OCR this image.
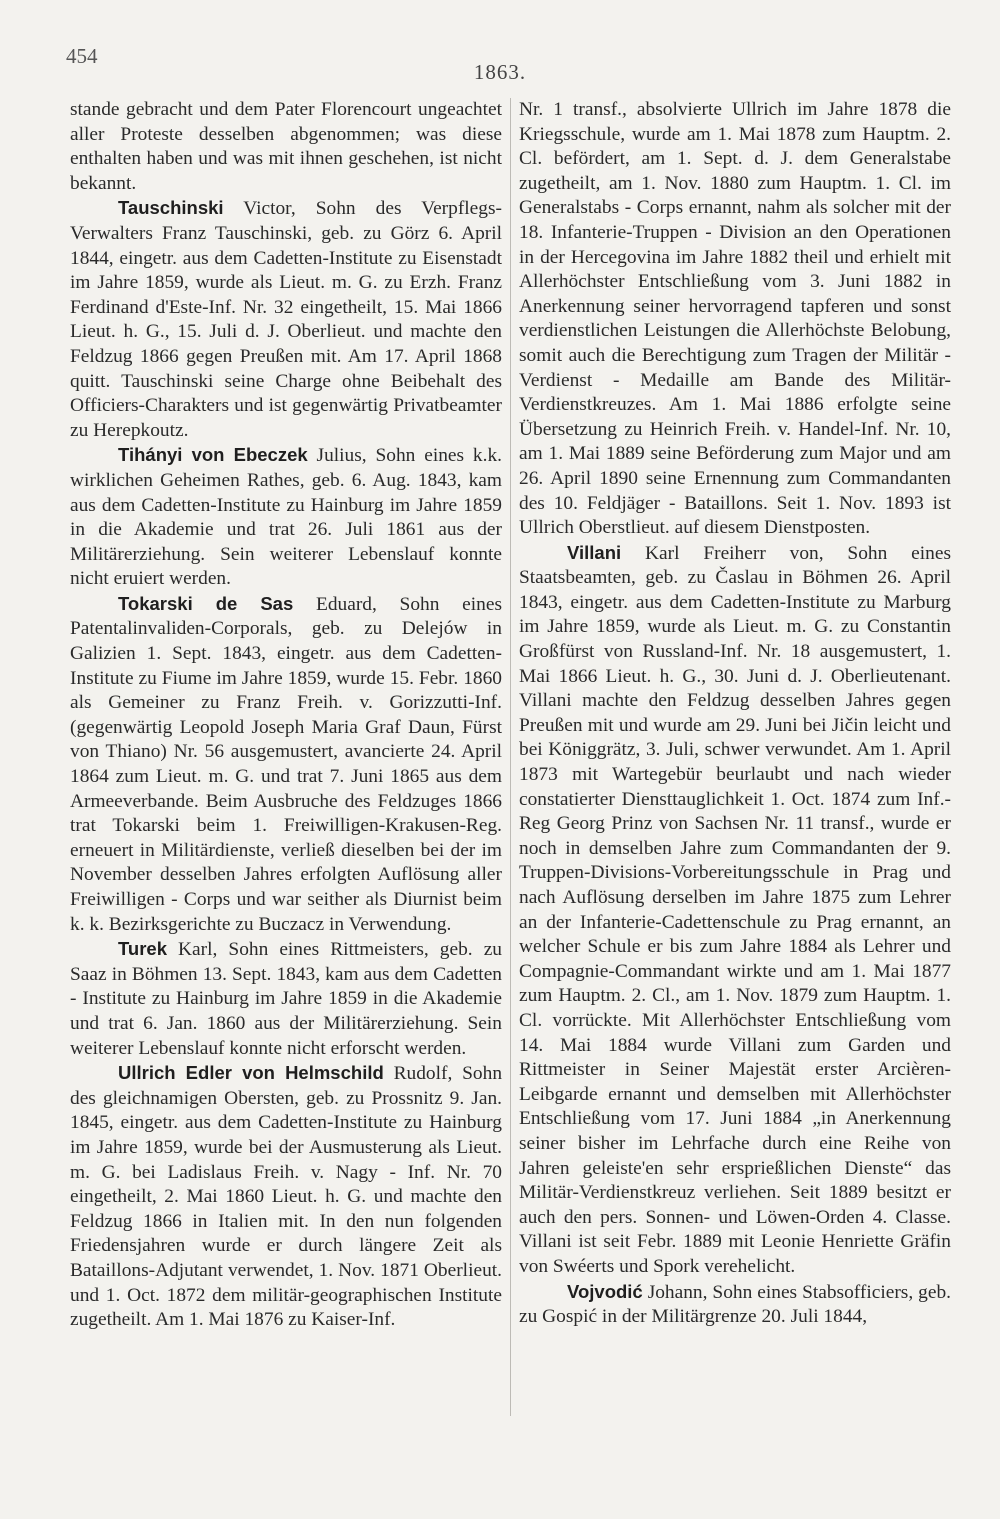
454
1863.

stande gebracht und dem Pater Florencourt ungeachtet aller Proteste desselben abgenommen; was diese enthalten haben und was mit ihnen geschehen, ist nicht bekannt.

Tauschinski Victor, Sohn des Verpflegs-Verwalters Franz Tauschinski, geb. zu Görz 6. April 1844, eingetr. aus dem Cadetten-Institute zu Eisenstadt im Jahre 1859, wurde als Lieut. m. G. zu Erzh. Franz Ferdinand d'Este-Inf. Nr. 32 eingetheilt, 15. Mai 1866 Lieut. h. G., 15. Juli d. J. Oberlieut. und machte den Feldzug 1866 gegen Preußen mit. Am 17. April 1868 quitt. Tauschinski seine Charge ohne Beibehalt des Officiers-Charakters und ist gegenwärtig Privatbeamter zu Herepkoutz.

Tihányi von Ebeczek Julius, Sohn eines k.k. wirklichen Geheimen Rathes, geb. 6. Aug. 1843, kam aus dem Cadetten-Institute zu Hainburg im Jahre 1859 in die Akademie und trat 26. Juli 1861 aus der Militärerziehung. Sein weiterer Lebenslauf konnte nicht eruiert werden.

Tokarski de Sas Eduard, Sohn eines Patentalinvaliden-Corporals, geb. zu Delejów in Galizien 1. Sept. 1843, eingetr. aus dem Cadetten-Institute zu Fiume im Jahre 1859, wurde 15. Febr. 1860 als Gemeiner zu Franz Freih. v. Gorizzutti-Inf. (gegenwärtig Leopold Joseph Maria Graf Daun, Fürst von Thiano) Nr. 56 ausgemustert, avancierte 24. April 1864 zum Lieut. m. G. und trat 7. Juni 1865 aus dem Armeeverbande. Beim Ausbruche des Feldzuges 1866 trat Tokarski beim 1. Freiwilligen-Krakusen-Reg. erneuert in Militärdienste, verließ dieselben bei der im November desselben Jahres erfolgten Auflösung aller Freiwilligen - Corps und war seither als Diurnist beim k. k. Bezirksgerichte zu Buczacz in Verwendung.

Turek Karl, Sohn eines Rittmeisters, geb. zu Saaz in Böhmen 13. Sept. 1843, kam aus dem Cadetten - Institute zu Hainburg im Jahre 1859 in die Akademie und trat 6. Jan. 1860 aus der Militärerziehung. Sein weiterer Lebenslauf konnte nicht erforscht werden.

Ullrich Edler von Helmschild Rudolf, Sohn des gleichnamigen Obersten, geb. zu Prossnitz 9. Jan. 1845, eingetr. aus dem Cadetten-Institute zu Hainburg im Jahre 1859, wurde bei der Ausmusterung als Lieut. m. G. bei Ladislaus Freih. v. Nagy - Inf. Nr. 70 eingetheilt, 2. Mai 1860 Lieut. h. G. und machte den Feldzug 1866 in Italien mit. In den nun folgenden Friedensjahren wurde er durch längere Zeit als Bataillons-Adjutant verwendet, 1. Nov. 1871 Oberlieut. und 1. Oct. 1872 dem militär-geographischen Institute zugetheilt. Am 1. Mai 1876 zu Kaiser-Inf.

Nr. 1 transf., absolvierte Ullrich im Jahre 1878 die Kriegsschule, wurde am 1. Mai 1878 zum Hauptm. 2. Cl. befördert, am 1. Sept. d. J. dem Generalstabe zugetheilt, am 1. Nov. 1880 zum Hauptm. 1. Cl. im Generalstabs - Corps ernannt, nahm als solcher mit der 18. Infanterie-Truppen - Division an den Operationen in der Hercegovina im Jahre 1882 theil und erhielt mit Allerhöchster Entschließung vom 3. Juni 1882 in Anerkennung seiner hervorragend tapferen und sonst verdienstlichen Leistungen die Allerhöchste Belobung, somit auch die Berechtigung zum Tragen der Militär - Verdienst - Medaille am Bande des Militär-Verdienstkreuzes. Am 1. Mai 1886 erfolgte seine Übersetzung zu Heinrich Freih. v. Handel-Inf. Nr. 10, am 1. Mai 1889 seine Beförderung zum Major und am 26. April 1890 seine Ernennung zum Commandanten des 10. Feldjäger - Bataillons. Seit 1. Nov. 1893 ist Ullrich Oberstlieut. auf diesem Dienstposten.

Villani Karl Freiherr von, Sohn eines Staatsbeamten, geb. zu Časlau in Böhmen 26. April 1843, eingetr. aus dem Cadetten-Institute zu Marburg im Jahre 1859, wurde als Lieut. m. G. zu Constantin Großfürst von Russland-Inf. Nr. 18 ausgemustert, 1. Mai 1866 Lieut. h. G., 30. Juni d. J. Oberlieutenant. Villani machte den Feldzug desselben Jahres gegen Preußen mit und wurde am 29. Juni bei Jičin leicht und bei Königgrätz, 3. Juli, schwer verwundet. Am 1. April 1873 mit Wartegebür beurlaubt und nach wieder constatierter Diensttauglichkeit 1. Oct. 1874 zum Inf.-Reg Georg Prinz von Sachsen Nr. 11 transf., wurde er noch in demselben Jahre zum Commandanten der 9. Truppen-Divisions-Vorbereitungsschule in Prag und nach Auflösung derselben im Jahre 1875 zum Lehrer an der Infanterie-Cadettenschule zu Prag ernannt, an welcher Schule er bis zum Jahre 1884 als Lehrer und Compagnie-Commandant wirkte und am 1. Mai 1877 zum Hauptm. 2. Cl., am 1. Nov. 1879 zum Hauptm. 1. Cl. vorrückte. Mit Allerhöchster Entschließung vom 14. Mai 1884 wurde Villani zum Garden und Rittmeister in Seiner Majestät erster Arcièren-Leibgarde ernannt und demselben mit Allerhöchster Entschließung vom 17. Juni 1884 „in Anerkennung seiner bisher im Lehrfache durch eine Reihe von Jahren geleiste'en sehr ersprießlichen Dienste“ das Militär-Verdienstkreuz verliehen. Seit 1889 besitzt er auch den pers. Sonnen- und Löwen-Orden 4. Classe. Villani ist seit Febr. 1889 mit Leonie Henriette Gräfin von Swéerts und Spork verehelicht.

Vojvodić Johann, Sohn eines Stabsofficiers, geb. zu Gospić in der Militärgrenze 20. Juli 1844,
